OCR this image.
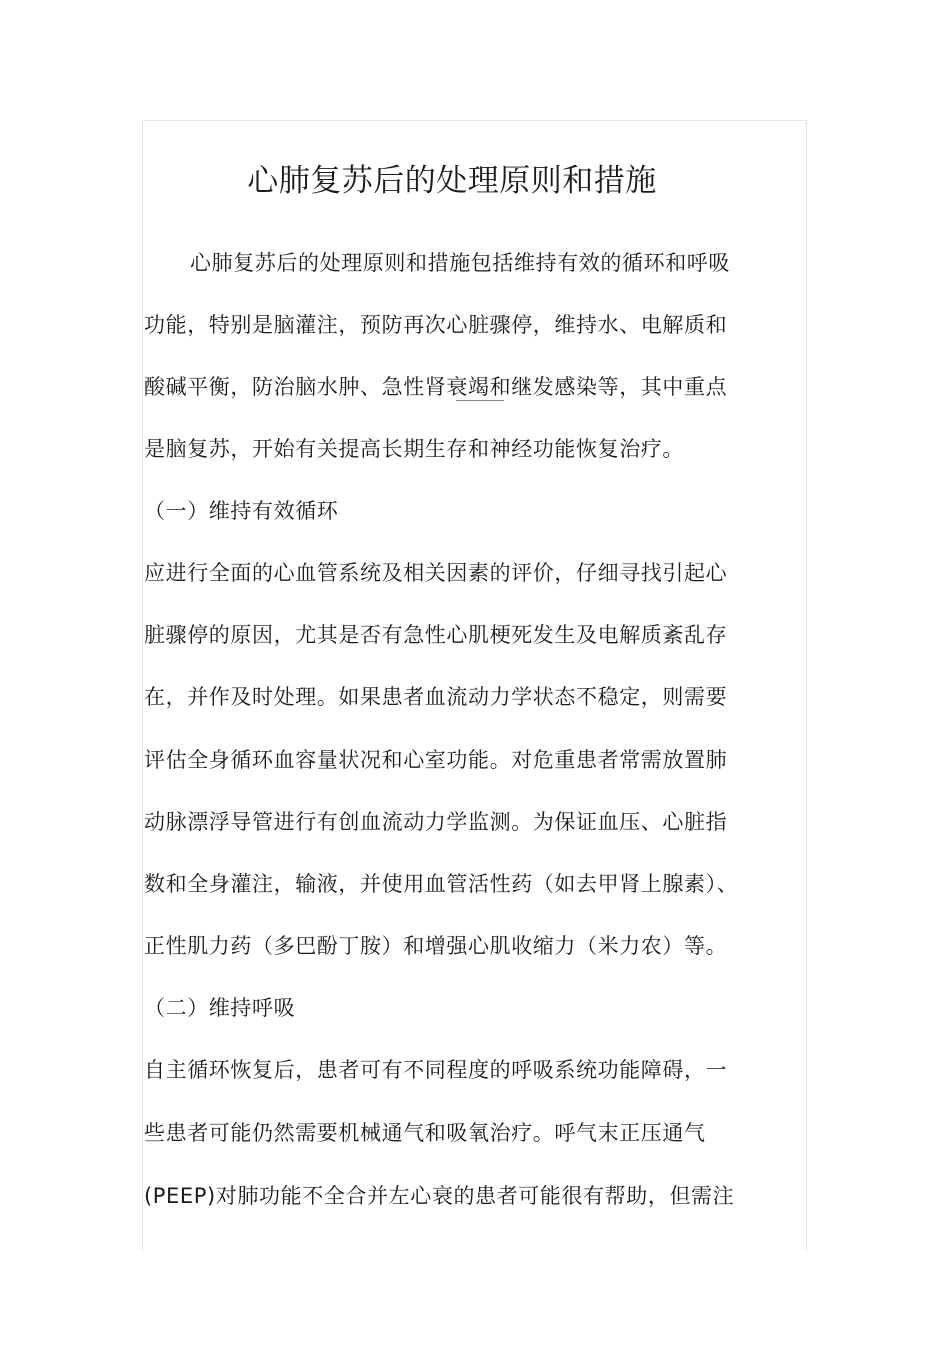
心肺复苏后的处理原则和措施

心肺复苏后的处理原则和措施包括维持有效的循环和呼吸

功能，特别是脑灌注，预防再次心脏骤停，维持水、电解质和

酸碱平衡，防治脑水肿、急性肾衰竭和继发感染等，其中重点

是脑复苏，开始有关提高长期生存和神经功能恢复治疗。

（一）维持有效循环

应进行全面的心血管系统及相关因素的评价，仔细寻找引起心

脏骤停的原因，尤其是否有急性心肌梗死发生及电解质紊乱存

在，并作及时处理。如果患者血流动力学状态不稳定，则需要

评估全身循环血容量状况和心室功能。对危重患者常需放置肺

动脉漂浮导管进行有创血流动力学监测。为保证血压、心脏指

数和全身灌注，输液，并使用血管活性药（如去甲肾上腺素）、

正性肌力药（多巴酚丁胺）和增强心肌收缩力（米力农）等。

（二）维持呼吸

自主循环恢复后，患者可有不同程度的呼吸系统功能障碍，一

些患者可能仍然需要机械通气和吸氧治疗。呼气末正压通气

(PEEP)对肺功能不全合并左心衰的患者可能很有帮助，但需注
